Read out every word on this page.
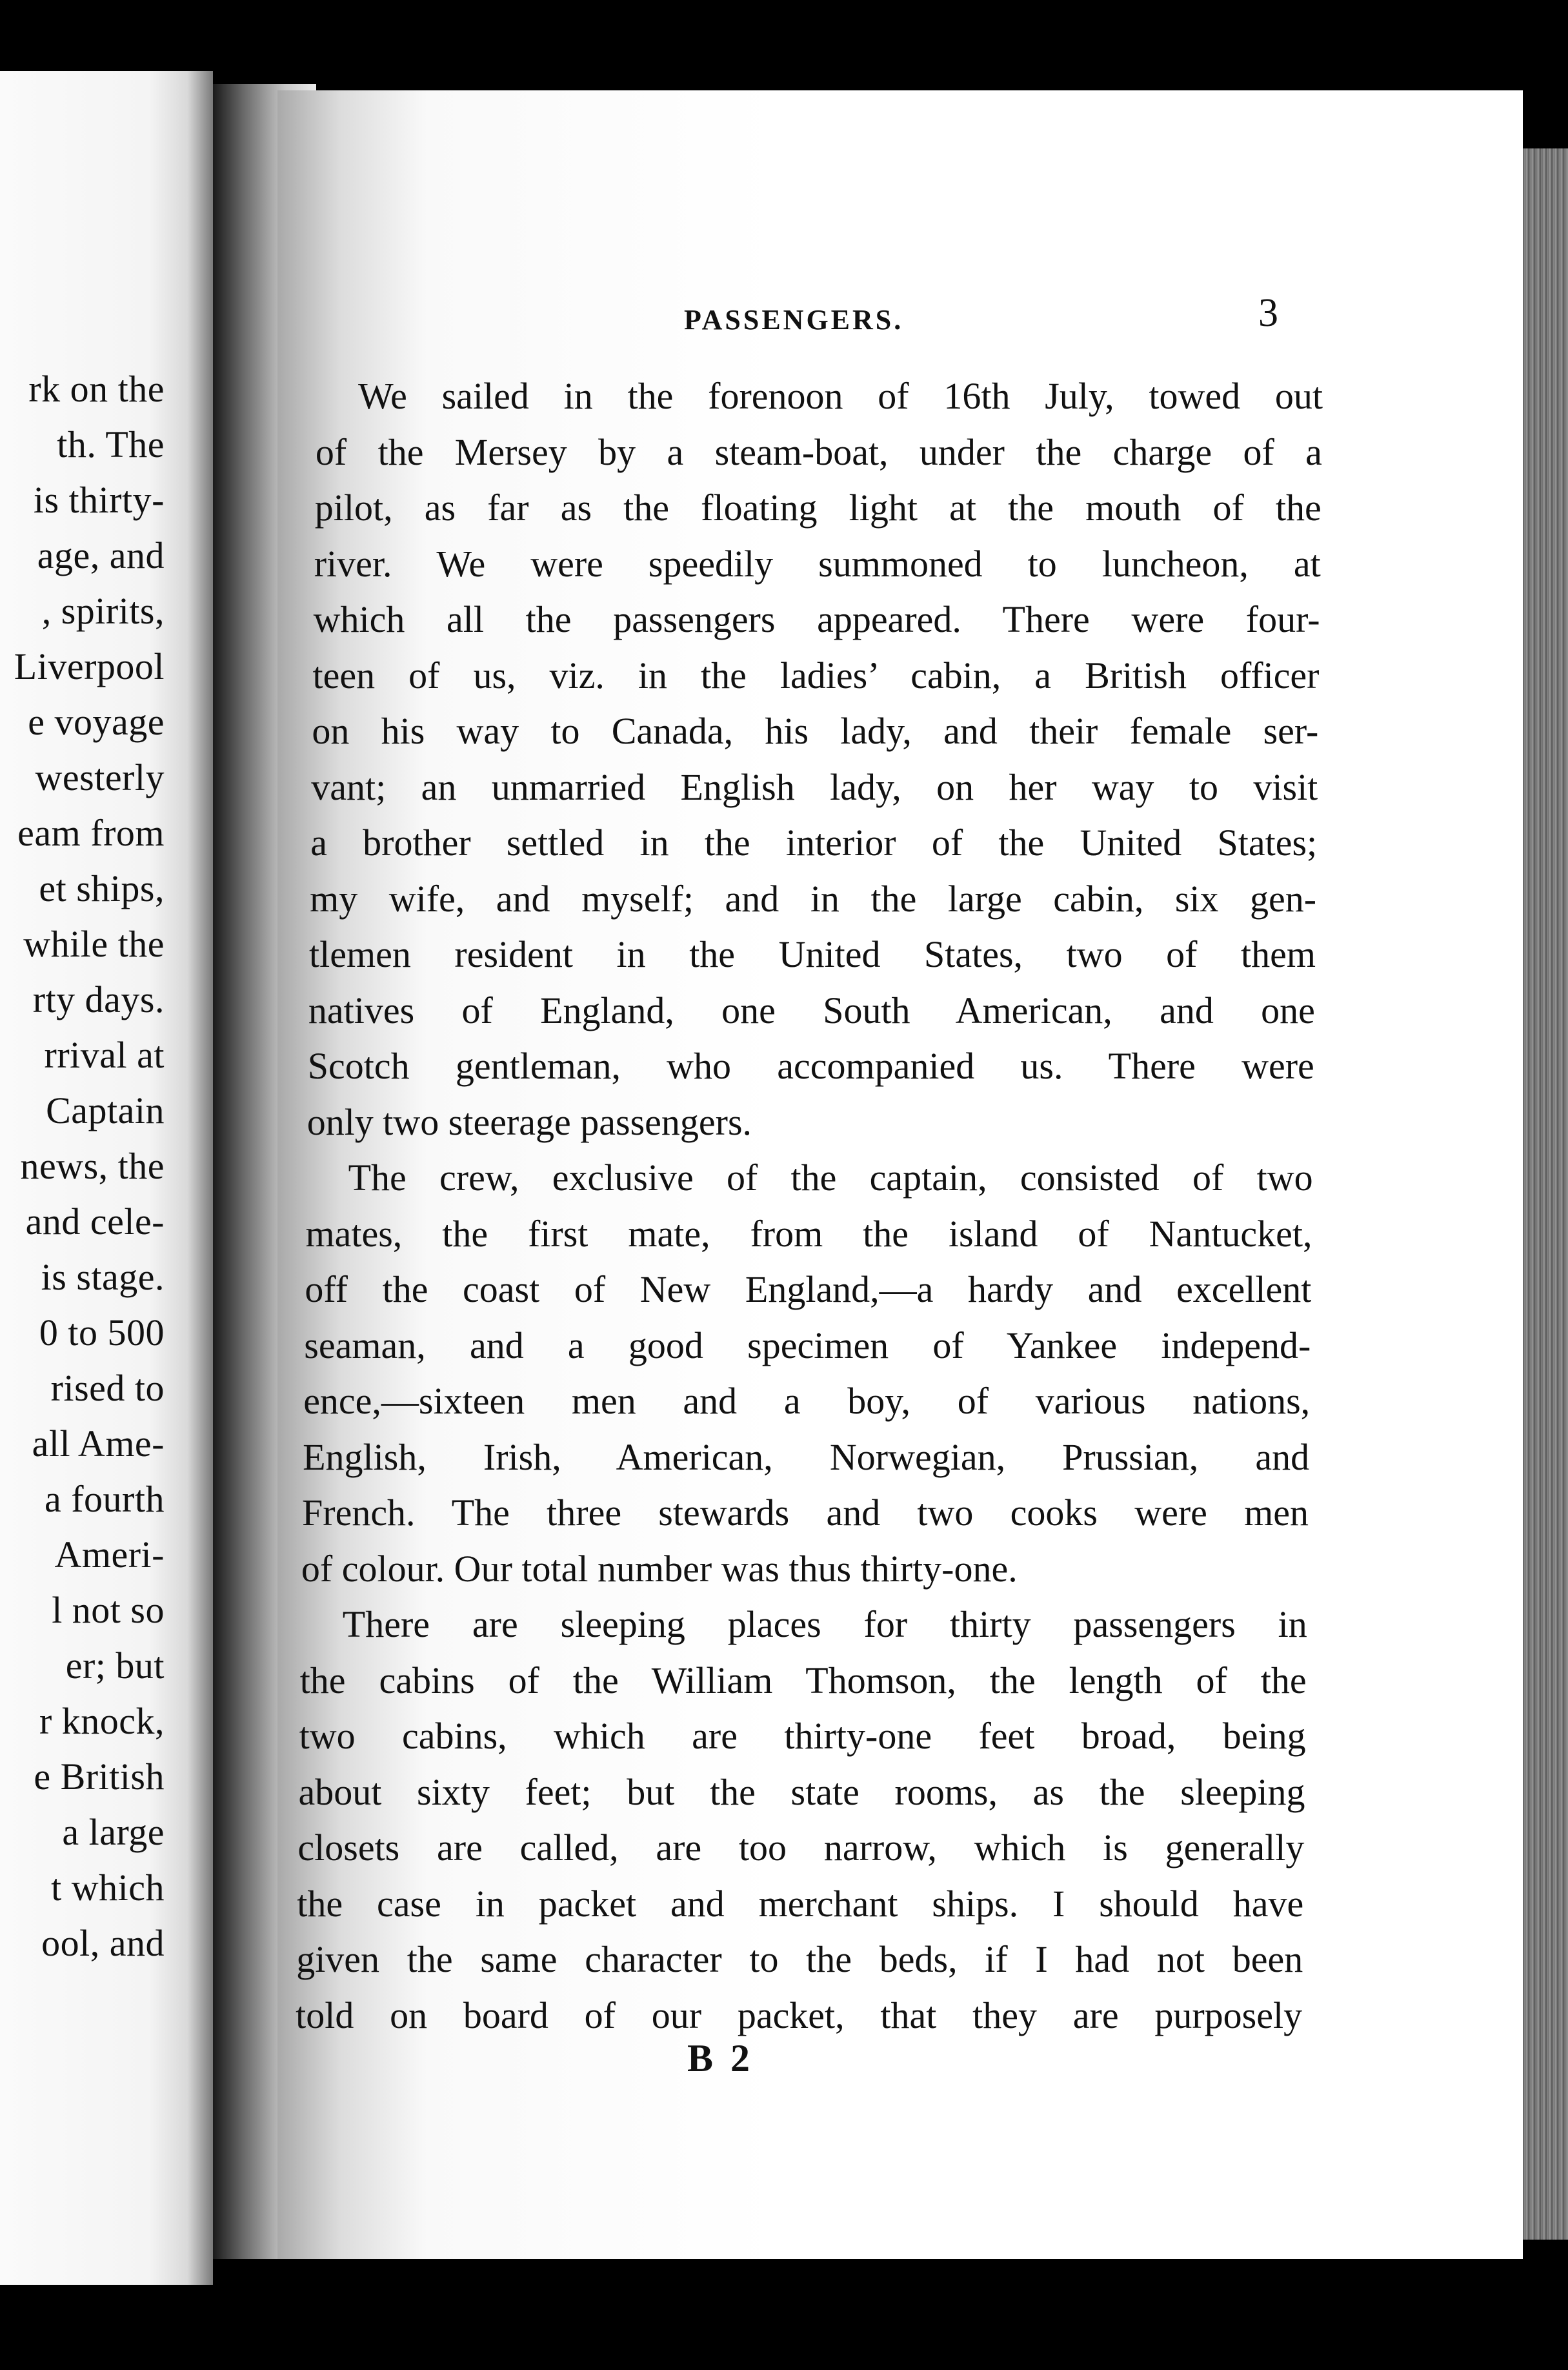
rk on the
th. The
is thirty-
age, and
, spirits,
Liverpool
e voyage
westerly
eam from
et ships,
while the
rty days.
rrival at
Captain
news, the
and cele-
is stage.
0 to 500
rised to
all Ame-
a fourth
Ameri-
l not so
er; but
r knock,
e British
a large
t which
ool, and
PASSENGERS.	3
We sailed in the forenoon of 16th July, towed out
of the Mersey by a steam-boat, under the charge of a
pilot, as far as the floating light at the mouth of the
river. We were speedily summoned to luncheon, at
which all the passengers appeared. There were four-
teen of us, viz. in the ladies’ cabin, a British officer
on his way to Canada, his lady, and their female ser-
vant; an unmarried English lady, on her way to visit
a brother settled in the interior of the United States;
my wife, and myself; and in the large cabin, six gen-
tlemen resident in the United States, two of them
natives of England, one South American, and one
Scotch gentleman, who accompanied us. There were
only two steerage passengers.
The crew, exclusive of the captain, consisted of two
mates, the first mate, from the island of Nantucket,
off the coast of New England,—a hardy and excellent
seaman, and a good specimen of Yankee independ-
ence,—sixteen men and a boy, of various nations,
English, Irish, American, Norwegian, Prussian, and
French. The three stewards and two cooks were men
of colour. Our total number was thus thirty-one.
There are sleeping places for thirty passengers in
the cabins of the William Thomson, the length of the
two cabins, which are thirty-one feet broad, being
about sixty feet; but the state rooms, as the sleeping
closets are called, are too narrow, which is generally
the case in packet and merchant ships. I should have
given the same character to the beds, if I had not been
told on board of our packet, that they are purposely
B 2
